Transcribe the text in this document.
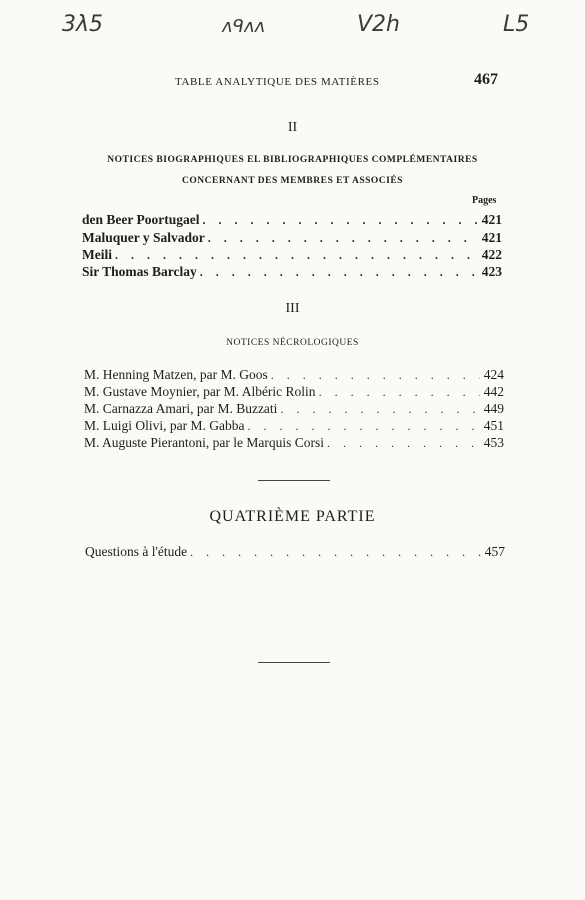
3λ5	ᴧᑫᴧᴧ	V2h	L5
TABLE ANALYTIQUE DES MATIÈRES	467
II
NOTICES BIOGRAPHIQUES EL BIBLIOGRAPHIQUES COMPLÉMENTAIRES
CONCERNANT DES MEMBRES ET ASSOCIÉS
Pages
den Beer Poortugael . . .	421
Maluquer y Salvador . . .	421
Meili . . .	422
Sir Thomas Barclay . . .	423
III
NOTICES NÉCROLOGIQUES
M. Henning Matzen, par M. Goos . . .	424
M. Gustave Moynier, par M. Albéric Rolin . . .	442
M. Carnazza Amari, par M. Buzzati . . .	449
M. Luigi Olivi, par M. Gabba . . .	451
M. Auguste Pierantoni, par le Marquis Corsi . . .	453
QUATRIÈME PARTIE
Questions à l'étude . . .	457
